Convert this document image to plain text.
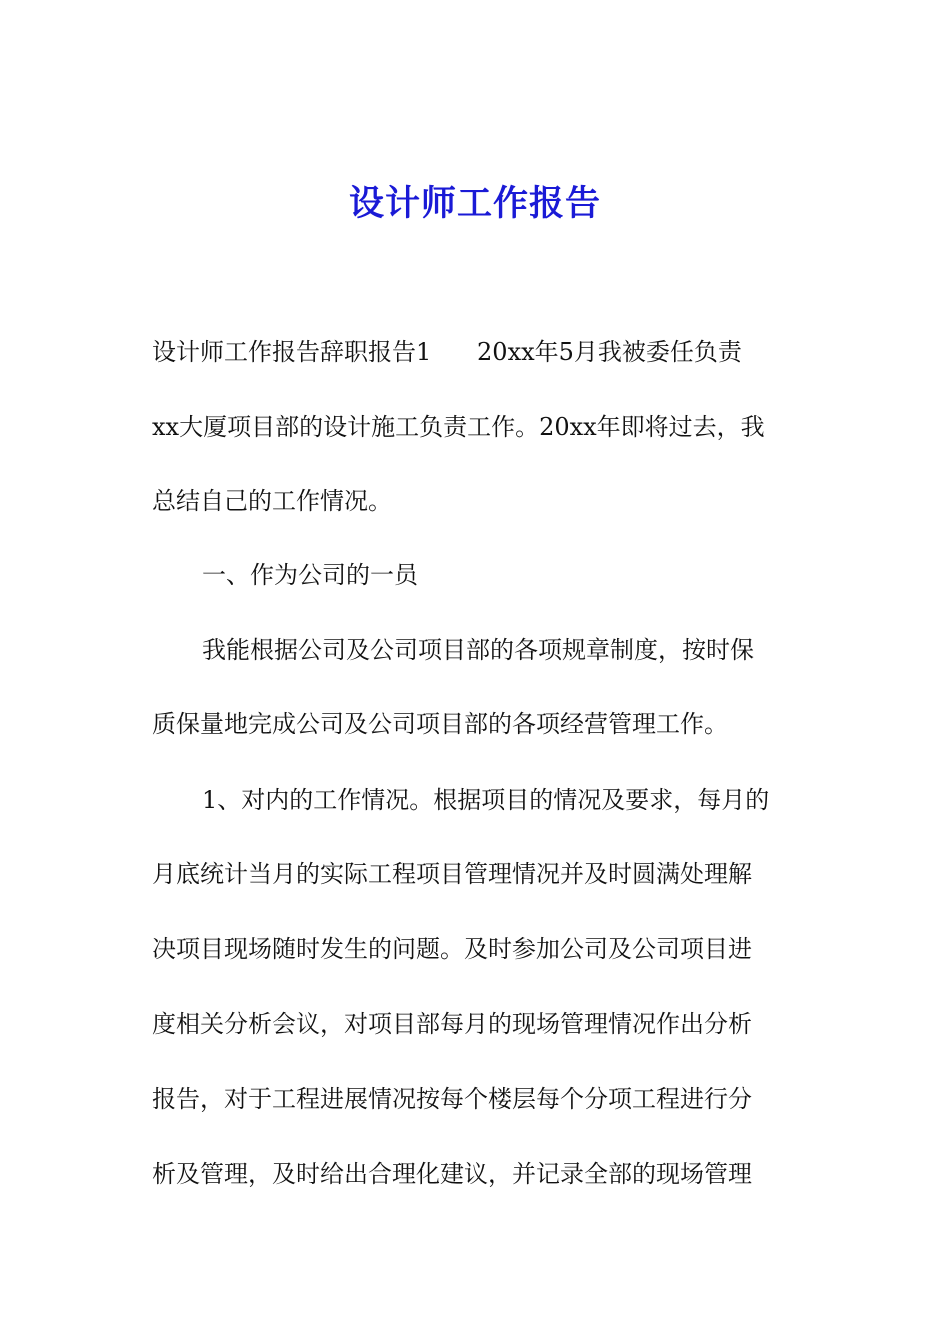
设计师工作报告
设计师工作报告辞职报告1      20xx年5月我被委任负责
xx大厦项目部的设计施工负责工作。20xx年即将过去，我
总结自己的工作情况。
一、作为公司的一员
我能根据公司及公司项目部的各项规章制度，按时保
质保量地完成公司及公司项目部的各项经营管理工作。
1、对内的工作情况。根据项目的情况及要求，每月的
月底统计当月的实际工程项目管理情况并及时圆满处理解
决项目现场随时发生的问题。及时参加公司及公司项目进
度相关分析会议，对项目部每月的现场管理情况作出分析
报告，对于工程进展情况按每个楼层每个分项工程进行分
析及管理，及时给出合理化建议，并记录全部的现场管理
